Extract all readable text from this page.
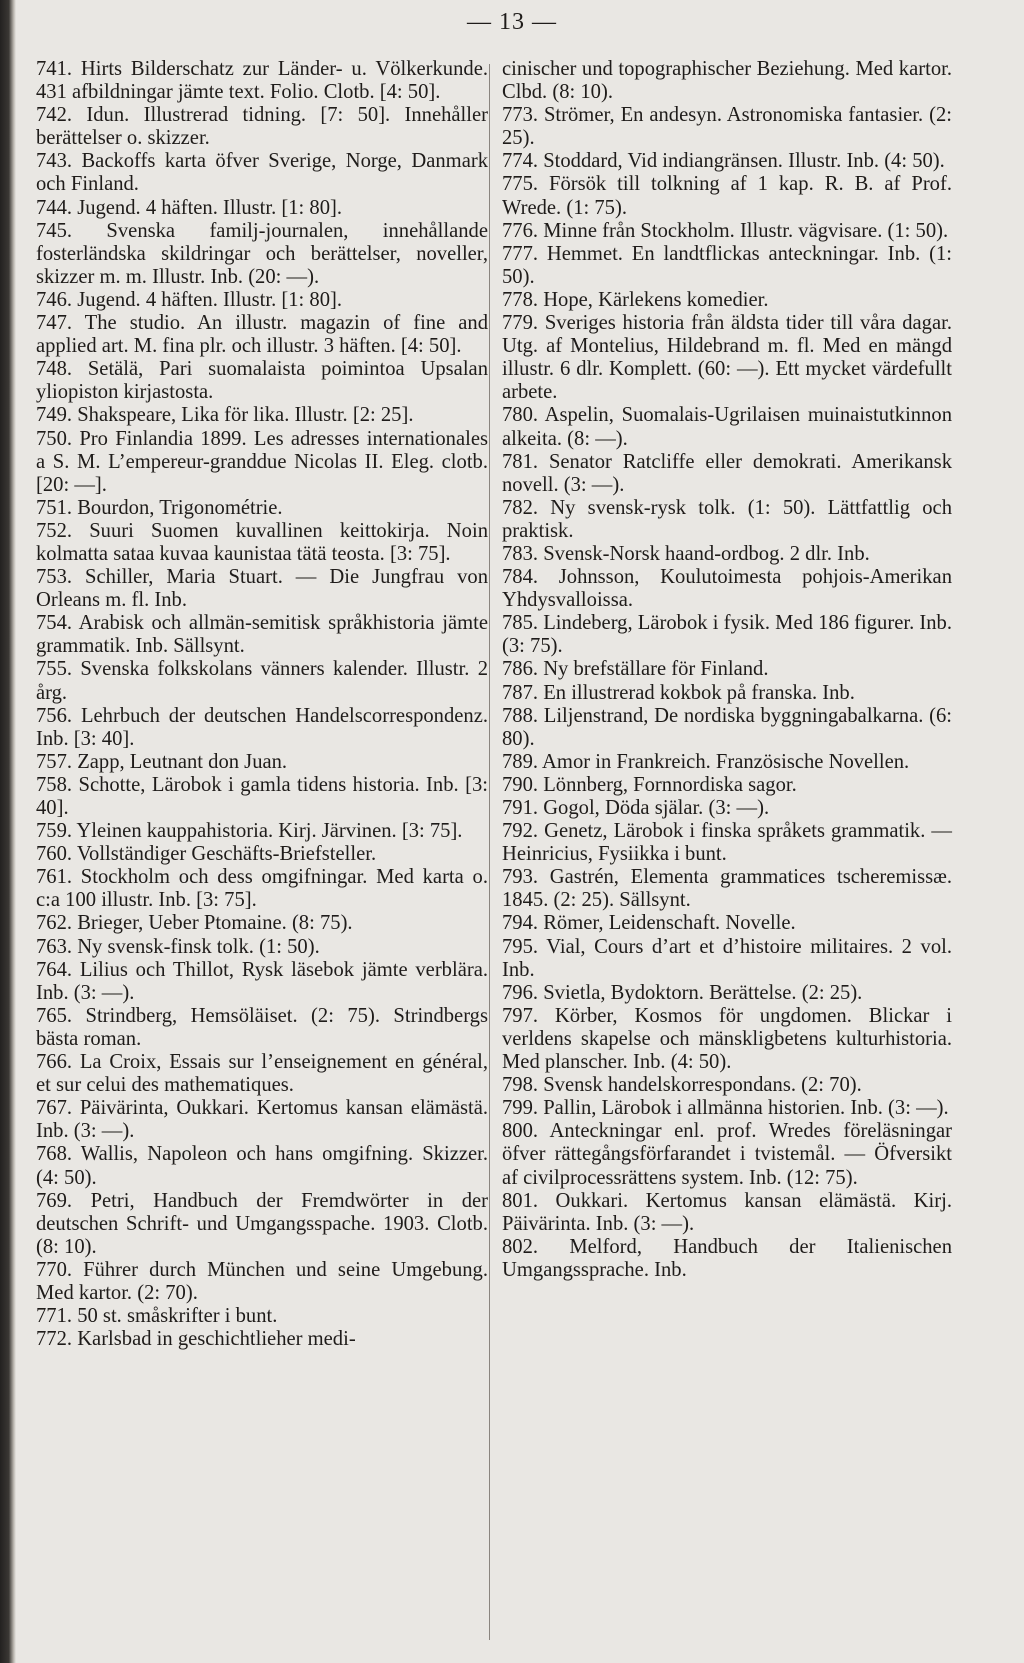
— 13 —
741. Hirts Bilderschatz zur Länder- u. Völkerkunde. 431 afbildningar jämte text. Folio. Clotb. [4: 50].
742. Idun. Illustrerad tidning. [7: 50]. Innehåller berättelser o. skizzer.
743. Backoffs karta öfver Sverige, Norge, Danmark och Finland.
744. Jugend. 4 häften. Illustr. [1: 80].
745. Svenska familj-journalen, innehållande fosterländska skildringar och berättelser, noveller, skizzer m. m. Illustr. Inb. (20: —).
746. Jugend. 4 häften. Illustr. [1: 80].
747. The studio. An illustr. magazin of fine and applied art. M. fina plr. och illustr. 3 häften. [4: 50].
748. Setälä, Pari suomalaista poimintoa Upsalan yliopiston kirjastosta.
749. Shakspeare, Lika för lika. Illustr. [2: 25].
750. Pro Finlandia 1899. Les adresses internationales a S. M. L’empereur-granddue Nicolas II. Eleg. clotb. [20: —].
751. Bourdon, Trigonométrie.
752. Suuri Suomen kuvallinen keittokirja. Noin kolmatta sataa kuvaa kaunistaa tätä teosta. [3: 75].
753. Schiller, Maria Stuart. — Die Jungfrau von Orleans m. fl. Inb.
754. Arabisk och allmän-semitisk språkhistoria jämte grammatik. Inb. Sällsynt.
755. Svenska folkskolans vänners kalender. Illustr. 2 årg.
756. Lehrbuch der deutschen Handelscorrespondenz. Inb. [3: 40].
757. Zapp, Leutnant don Juan.
758. Schotte, Lärobok i gamla tidens historia. Inb. [3: 40].
759. Yleinen kauppahistoria. Kirj. Järvinen. [3: 75].
760. Vollständiger Geschäfts-Briefsteller.
761. Stockholm och dess omgifningar. Med karta o. c:a 100 illustr. Inb. [3: 75].
762. Brieger, Ueber Ptomaine. (8: 75).
763. Ny svensk-finsk tolk. (1: 50).
764. Lilius och Thillot, Rysk läsebok jämte verblära. Inb. (3: —).
765. Strindberg, Hemsöläiset. (2: 75). Strindbergs bästa roman.
766. La Croix, Essais sur l’enseignement en général, et sur celui des mathematiques.
767. Päivärinta, Oukkari. Kertomus kansan elämästä. Inb. (3: —).
768. Wallis, Napoleon och hans omgifning. Skizzer. (4: 50).
769. Petri, Handbuch der Fremdwörter in der deutschen Schrift- und Umgangsspache. 1903. Clotb. (8: 10).
770. Führer durch München und seine Umgebung. Med kartor. (2: 70).
771. 50 st. småskrifter i bunt.
772. Karlsbad in geschichtlieher medi-
cinischer und topographischer Beziehung. Med kartor. Clbd. (8: 10).
773. Strömer, En andesyn. Astronomiska fantasier. (2: 25).
774. Stoddard, Vid indiangränsen. Illustr. Inb. (4: 50).
775. Försök till tolkning af 1 kap. R. B. af Prof. Wrede. (1: 75).
776. Minne från Stockholm. Illustr. vägvisare. (1: 50).
777. Hemmet. En landtflickas anteckningar. Inb. (1: 50).
778. Hope, Kärlekens komedier.
779. Sveriges historia från äldsta tider till våra dagar. Utg. af Montelius, Hildebrand m. fl. Med en mängd illustr. 6 dlr. Komplett. (60: —). Ett mycket värdefullt arbete.
780. Aspelin, Suomalais-Ugrilaisen muinaistutkinnon alkeita. (8: —).
781. Senator Ratcliffe eller demokrati. Amerikansk novell. (3: —).
782. Ny svensk-rysk tolk. (1: 50). Lättfattlig och praktisk.
783. Svensk-Norsk haand-ordbog. 2 dlr. Inb.
784. Johnsson, Koulutoimesta pohjois-Amerikan Yhdysvalloissa.
785. Lindeberg, Lärobok i fysik. Med 186 figurer. Inb. (3: 75).
786. Ny brefställare för Finland.
787. En illustrerad kokbok på franska. Inb.
788. Liljenstrand, De nordiska byggningabalkarna. (6: 80).
789. Amor in Frankreich. Französische Novellen.
790. Lönnberg, Fornnordiska sagor.
791. Gogol, Döda själar. (3: —).
792. Genetz, Lärobok i finska språkets grammatik. — Heinricius, Fysiikka i bunt.
793. Gastrén, Elementa grammatices tscheremissæ. 1845. (2: 25). Sällsynt.
794. Römer, Leidenschaft. Novelle.
795. Vial, Cours d’art et d’histoire militaires. 2 vol. Inb.
796. Svietla, Bydoktorn. Berättelse. (2: 25).
797. Körber, Kosmos för ungdomen. Blickar i verldens skapelse och mänskligbetens kulturhistoria. Med planscher. Inb. (4: 50).
798. Svensk handelskorrespondans. (2: 70).
799. Pallin, Lärobok i allmänna historien. Inb. (3: —).
800. Anteckningar enl. prof. Wredes föreläsningar öfver rättegångsförfarandet i tvistemål. — Öfversikt af civilprocessrättens system. Inb. (12: 75).
801. Oukkari. Kertomus kansan elämästä. Kirj. Päivärinta. Inb. (3: —).
802. Melford, Handbuch der Italienischen Umgangssprache. Inb.
